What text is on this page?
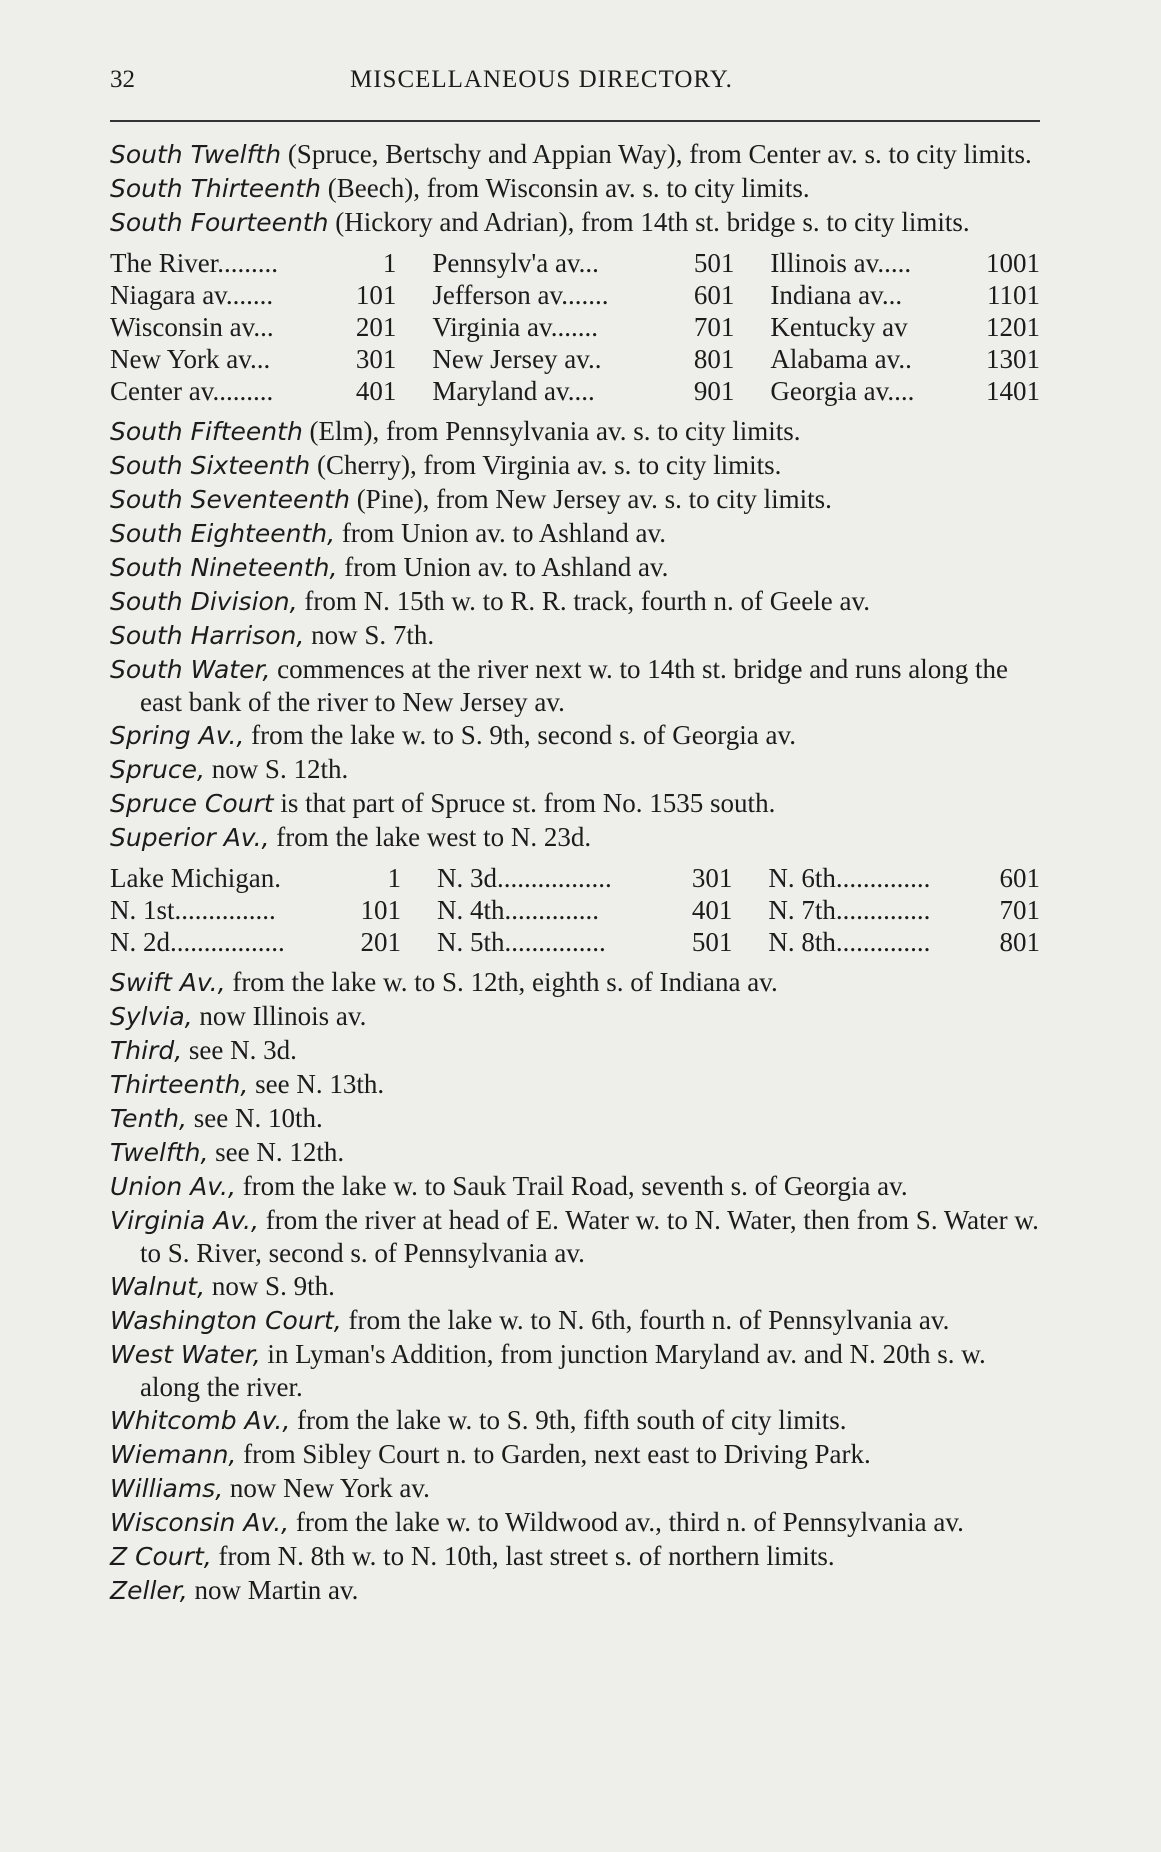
32	MISCELLANEOUS DIRECTORY.
South Twelfth (Spruce, Bertschy and Appian Way), from Center av. s. to city limits.
South Thirteenth (Beech), from Wisconsin av. s. to city limits.
South Fourteenth (Hickory and Adrian), from 14th st. bridge s. to city limits.
The River.........	1	Pennsylv'a av...	501	Illinois av.....	1001
Niagara av.......	101	Jefferson av.......	601	Indiana av...	1101
Wisconsin av...	201	Virginia av.......	701	Kentucky av	1201
New York av...	301	New Jersey av..	801	Alabama av..	1301
Center av.........	401	Maryland av....	901	Georgia av....	1401
South Fifteenth (Elm), from Pennsylvania av. s. to city limits.
South Sixteenth (Cherry), from Virginia av. s. to city limits.
South Seventeenth (Pine), from New Jersey av. s. to city limits.
South Eighteenth, from Union av. to Ashland av.
South Nineteenth, from Union av. to Ashland av.
South Division, from N. 15th w. to R. R. track, fourth n. of Geele av.
South Harrison, now S. 7th.
South Water, commences at the river next w. to 14th st. bridge and runs along the east bank of the river to New Jersey av.
Spring Av., from the lake w. to S. 9th, second s. of Georgia av.
Spruce, now S. 12th.
Spruce Court is that part of Spruce st. from No. 1535 south.
Superior Av., from the lake west to N. 23d.
Lake Michigan.	1	N. 3d.................	301	N. 6th..............	601
N. 1st...............	101	N. 4th..............	401	N. 7th..............	701
N. 2d.................	201	N. 5th...............	501	N. 8th..............	801
Swift Av., from the lake w. to S. 12th, eighth s. of Indiana av.
Sylvia, now Illinois av.
Third, see N. 3d.
Thirteenth, see N. 13th.
Tenth, see N. 10th.
Twelfth, see N. 12th.
Union Av., from the lake w. to Sauk Trail Road, seventh s. of Georgia av.
Virginia Av., from the river at head of E. Water w. to N. Water, then from S. Water w. to S. River, second s. of Pennsylvania av.
Walnut, now S. 9th.
Washington Court, from the lake w. to N. 6th, fourth n. of Pennsylvania av.
West Water, in Lyman's Addition, from junction Maryland av. and N. 20th s. w. along the river.
Whitcomb Av., from the lake w. to S. 9th, fifth south of city limits.
Wiemann, from Sibley Court n. to Garden, next east to Driving Park.
Williams, now New York av.
Wisconsin Av., from the lake w. to Wildwood av., third n. of Pennsylvania av.
Z Court, from N. 8th w. to N. 10th, last street s. of northern limits.
Zeller, now Martin av.
